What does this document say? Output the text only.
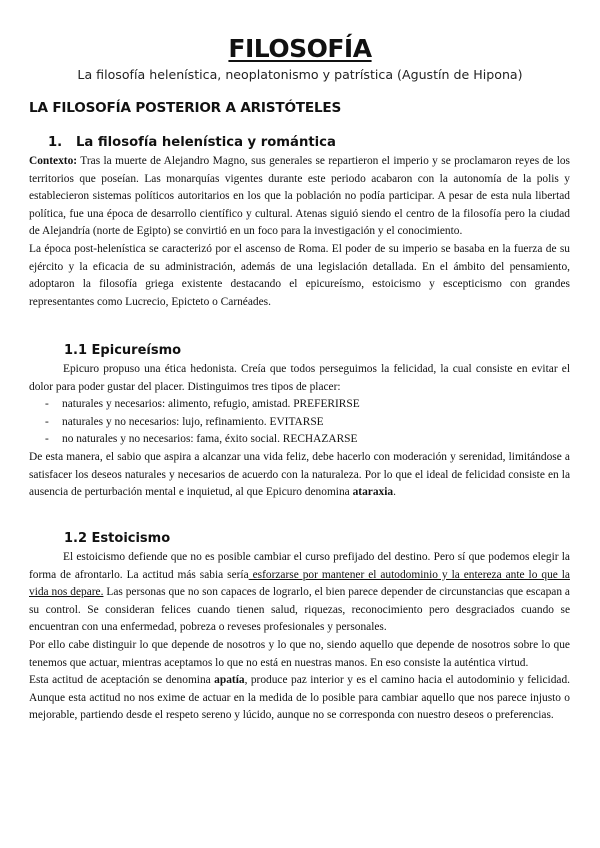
FILOSOFÍA

La filosofía helenística, neoplatonismo y patrística (Agustín de Hipona)

LA FILOSOFÍA POSTERIOR A ARISTÓTELES
1. La filosofía helenística y romántica

Contexto: Tras la muerte de Alejandro Magno, sus generales se repartieron el imperio y se proclamaron reyes de los territorios que poseían. Las monarquías vigentes durante este periodo acabaron con la autonomía de la polis y establecieron sistemas políticos autoritarios en los que la población no podía participar. A pesar de esta nula libertad política, fue una época de desarrollo científico y cultural. Atenas siguió siendo el centro de la filosofía pero la ciudad de Alejandría (norte de Egipto) se convirtió en un foco para la investigación y el conocimiento.

La época post-helenística se caracterizó por el ascenso de Roma. El poder de su imperio se basaba en la fuerza de su ejército y la eficacia de su administración, además de una legislación detallada. En el ámbito del pensamiento, adoptaron la filosofía griega existente destacando el epicureísmo, estoicismo y escepticismo con grandes representantes como Lucrecio, Epicteto o Carnéades.

1.1 Epicureísmo

Epicuro propuso una ética hedonista. Creía que todos perseguimos la felicidad, la cual consiste en evitar el dolor para poder gustar del placer. Distinguimos tres tipos de placer:

- naturales y necesarios: alimento, refugio, amistad. PREFERIRSE
- naturales y no necesarios: lujo, refinamiento. EVITARSE
- no naturales y no necesarios: fama, éxito social. RECHAZARSE

De esta manera, el sabio que aspira a alcanzar una vida feliz, debe hacerlo con moderación y serenidad, limitándose a satisfacer los deseos naturales y necesarios de acuerdo con la naturaleza. Por lo que el ideal de felicidad consiste en la ausencia de perturbación mental e inquietud, al que Epicuro denomina ataraxia.

1.2 Estoicismo

El estoicismo defiende que no es posible cambiar el curso prefijado del destino. Pero sí que podemos elegir la forma de afrontarlo. La actitud más sabia sería esforzarse por mantener el autodominio y la entereza ante lo que la vida nos depare. Las personas que no son capaces de lograrlo, el bien parece depender de circunstancias que escapan a su control. Se consideran felices cuando tienen salud, riquezas, reconocimiento pero desgraciados cuando se encuentran con una enfermedad, pobreza o reveses profesionales y personales.

Por ello cabe distinguir lo que depende de nosotros y lo que no, siendo aquello que depende de nosotros sobre lo que tenemos que actuar, mientras aceptamos lo que no está en nuestras manos. En eso consiste la auténtica virtud.

Esta actitud de aceptación se denomina apatía, produce paz interior y es el camino hacia el autodominio y felicidad. Aunque esta actitud no nos exime de actuar en la medida de lo posible para cambiar aquello que nos parece injusto o mejorable, partiendo desde el respeto sereno y lúcido, aunque no se corresponda con nuestro deseos o preferencias.
